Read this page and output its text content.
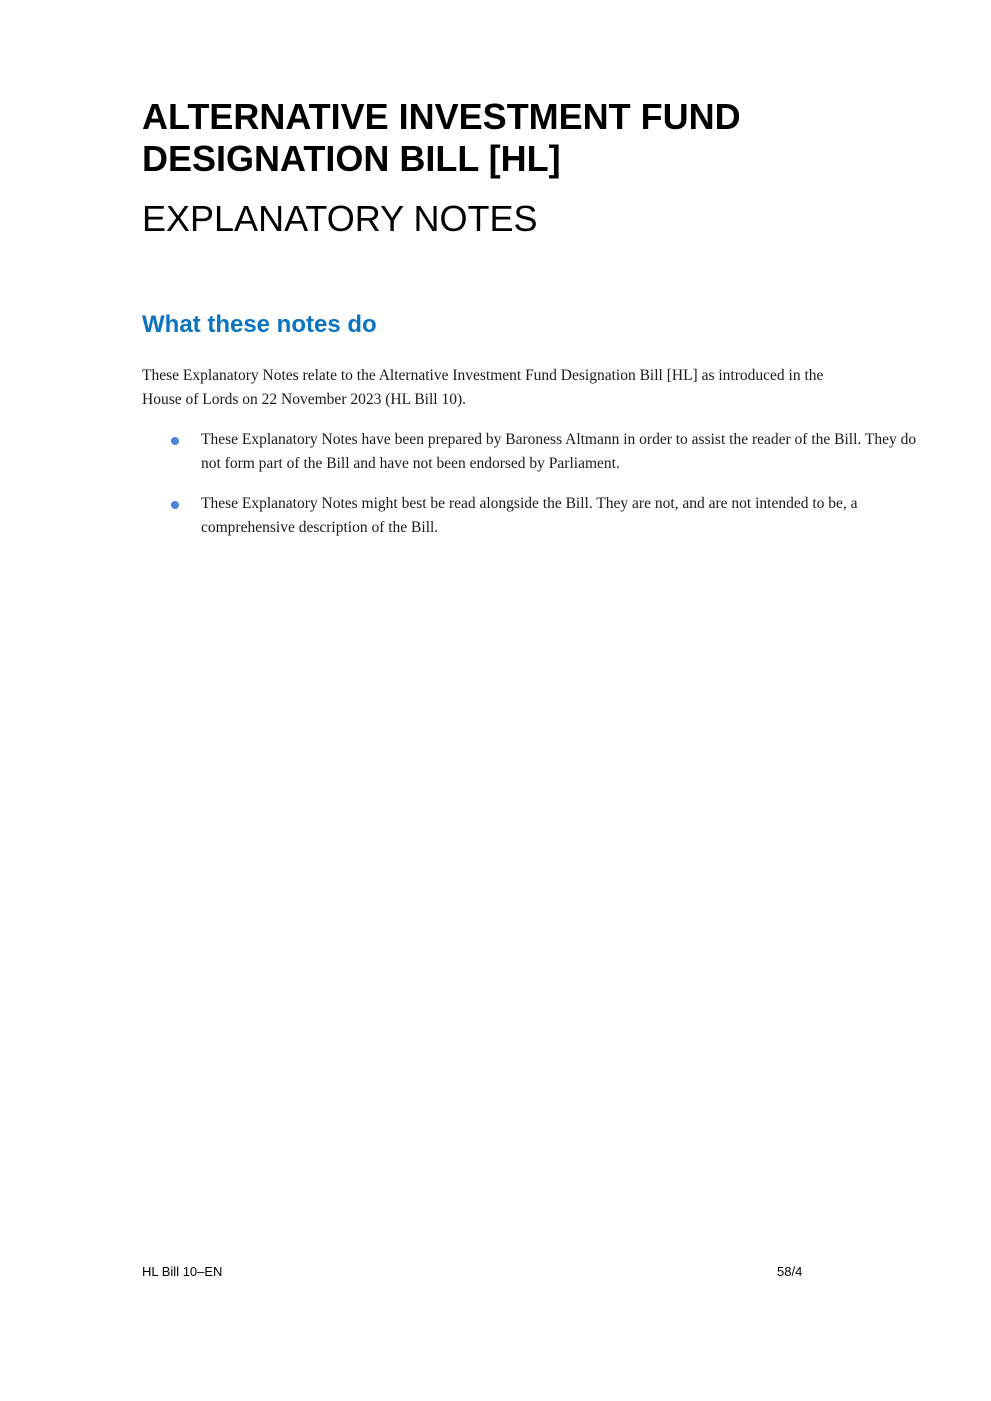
ALTERNATIVE INVESTMENT FUND
DESIGNATION BILL [HL]
EXPLANATORY NOTES
What these notes do

These Explanatory Notes relate to the Alternative Investment Fund Designation Bill [HL] as introduced in the House of Lords on 22 November 2023 (HL Bill 10).

These Explanatory Notes have been prepared by Baroness Altmann in order to assist the reader of the Bill. They do not form part of the Bill and have not been endorsed by Parliament.
These Explanatory Notes might best be read alongside the Bill. They are not, and are not intended to be, a comprehensive description of the Bill.
HL Bill 10–EN	58/4
